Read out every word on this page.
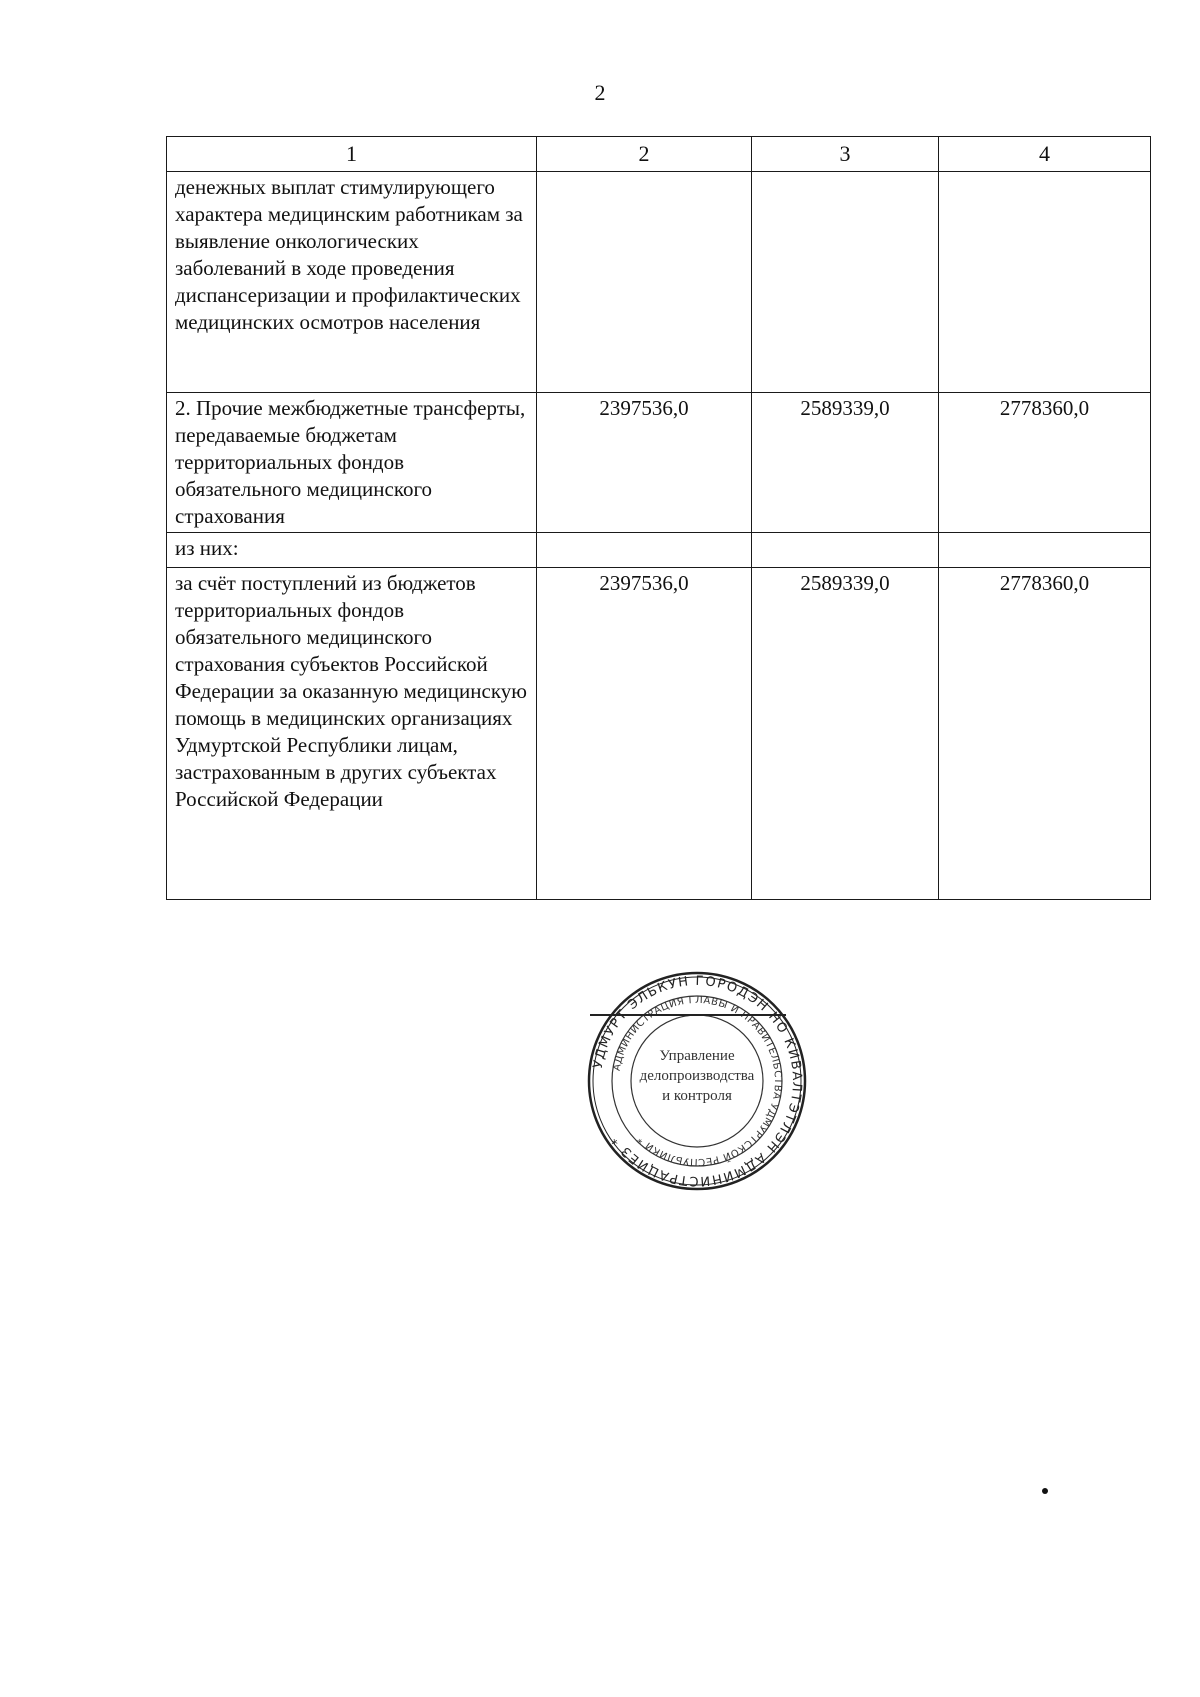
2
1	2	3	4
денежных выплат стимулирующего характера медицинским работникам за выявление онкологических заболеваний в ходе проведения диспансеризации и профилактических медицинских осмотров населения			
2. Прочие межбюджетные трансферты, передаваемые бюджетам территориальных фондов обязательного медицинского страхования	2397536,0	2589339,0	2778360,0
из них:			
за счёт поступлений из бюджетов территориальных фондов обязательного медицинского страхования субъектов Российской Федерации за оказанную медицинскую помощь в медицинских организациях Удмуртской Республики лицам, застрахованным в других субъектах Российской Федерации	2397536,0	2589339,0	2778360,0
УДМУРТ ЭЛЬКУН ГОРОДЭН НО КИВАЛТЭТЛЭН АДМИНИСТРАЦИЕЗ *
АДМИНИСТРАЦИЯ ГЛАВЫ И ПРАВИТЕЛЬСТВА УДМУРТСКОЙ РЕСПУБЛИКИ *
Управление
делопроизводства
и контроля
